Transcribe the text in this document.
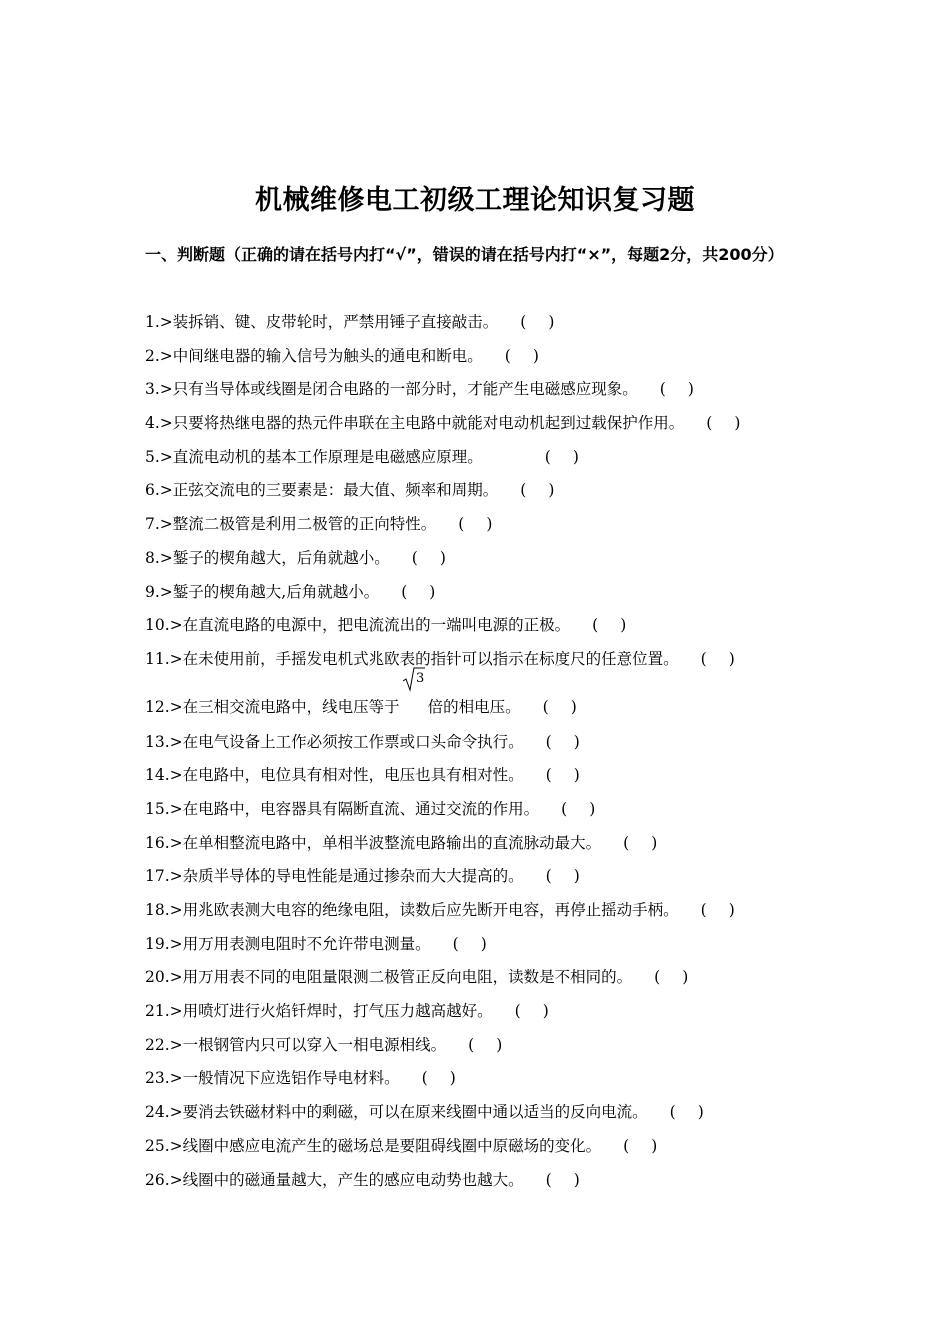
机械维修电工初级工理论知识复习题
一、判断题（正确的请在括号内打“√”，错误的请在括号内打“×”，每题2分，共200分）
1.>装拆销、键、皮带轮时，严禁用锤子直接敲击。 ( )
2.>中间继电器的输入信号为触头的通电和断电。 ( )
3.>只有当导体或线圈是闭合电路的一部分时，才能产生电磁感应现象。 ( )
4.>只要将热继电器的热元件串联在主电路中就能对电动机起到过载保护作用。 ( )
5.>直流电动机的基本工作原理是电磁感应原理。	( )
6.>正弦交流电的三要素是：最大值、频率和周期。 ( )
7.>整流二极管是利用二极管的正向特性。 ( )
8.>錾子的楔角越大，后角就越小。 ( )
9.>錾子的楔角越大,后角就越小。 ( )
10.>在直流电路的电源中，把电流流出的一端叫电源的正极。 ( )
11.>在未使用前，手摇发电机式兆欧表的指针可以指示在标度尺的任意位置。 ( )
12.>在三相交流电路中，线电压等于
3
倍的相电压。 ( )
13.>在电气设备上工作必须按工作票或口头命令执行。 ( )
14.>在电路中，电位具有相对性，电压也具有相对性。 ( )
15.>在电路中，电容器具有隔断直流、通过交流的作用。 ( )
16.>在单相整流电路中，单相半波整流电路输出的直流脉动最大。 ( )
17.>杂质半导体的导电性能是通过掺杂而大大提高的。 ( )
18.>用兆欧表测大电容的绝缘电阻，读数后应先断开电容，再停止摇动手柄。 ( )
19.>用万用表测电阻时不允许带电测量。 ( )
20.>用万用表不同的电阻量限测二极管正反向电阻，读数是不相同的。 ( )
21.>用喷灯进行火焰钎焊时，打气压力越高越好。 ( )
22.>一根钢管内只可以穿入一相电源相线。 ( )
23.>一般情况下应选铝作导电材料。 ( )
24.>要消去铁磁材料中的剩磁，可以在原来线圈中通以适当的反向电流。 ( )
25.>线圈中感应电流产生的磁场总是要阻碍线圈中原磁场的变化。 ( )
26.>线圈中的磁通量越大，产生的感应电动势也越大。 ( )
